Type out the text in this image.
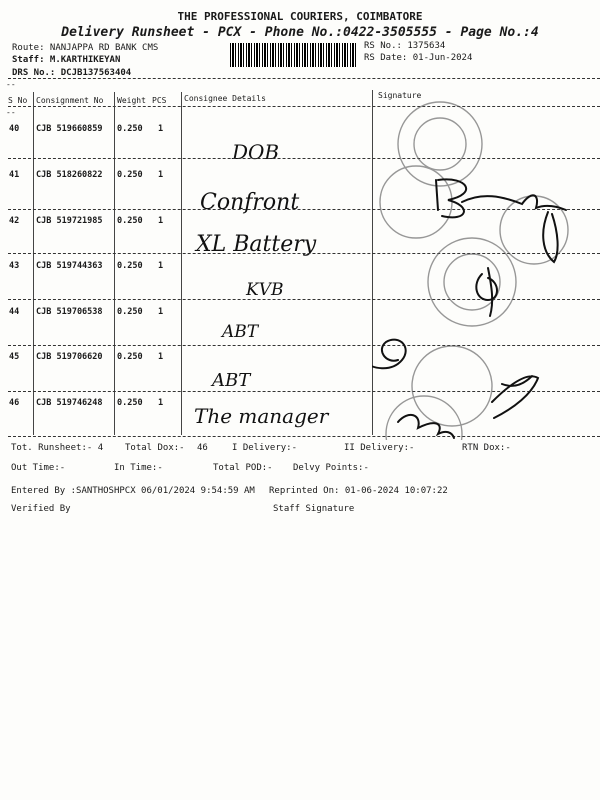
THE PROFESSIONAL COURIERS, COIMBATORE
Delivery Runsheet - PCX - Phone No.:0422-3505555 - Page No.:4
Route: NANJAPPA RD BANK CMS
Staff: M.KARTHIKEYAN
DRS No.: DCJB137563404
RS No.: 1375634
RS Date: 01-Jun-2024
--
--
S No Consignment No Weight PCS Consignee Details	Signature
40 CJB 519660859 0.250 1
DOB
41 CJB 518260822 0.250 1
Confront
42 CJB 519721985 0.250 1
XL Battery
43 CJB 519744363 0.250 1
KVB
44 CJB 519706538 0.250 1
ABT
45 CJB 519706620 0.250 1
ABT
46 CJB 519746248 0.250 1
The manager
Tot. Runsheet:- 4 Total Dox:- 46	I Delivery:-	II Delivery:-	RTN Dox:-
Out Time:-	In Time:-	Total POD:- Delvy Points:-
Entered By :SANTHOSHPCX 06/01/2024 9:54:59 AM Reprinted On: 01-06-2024 10:07:22
Verified By	Staff Signature
